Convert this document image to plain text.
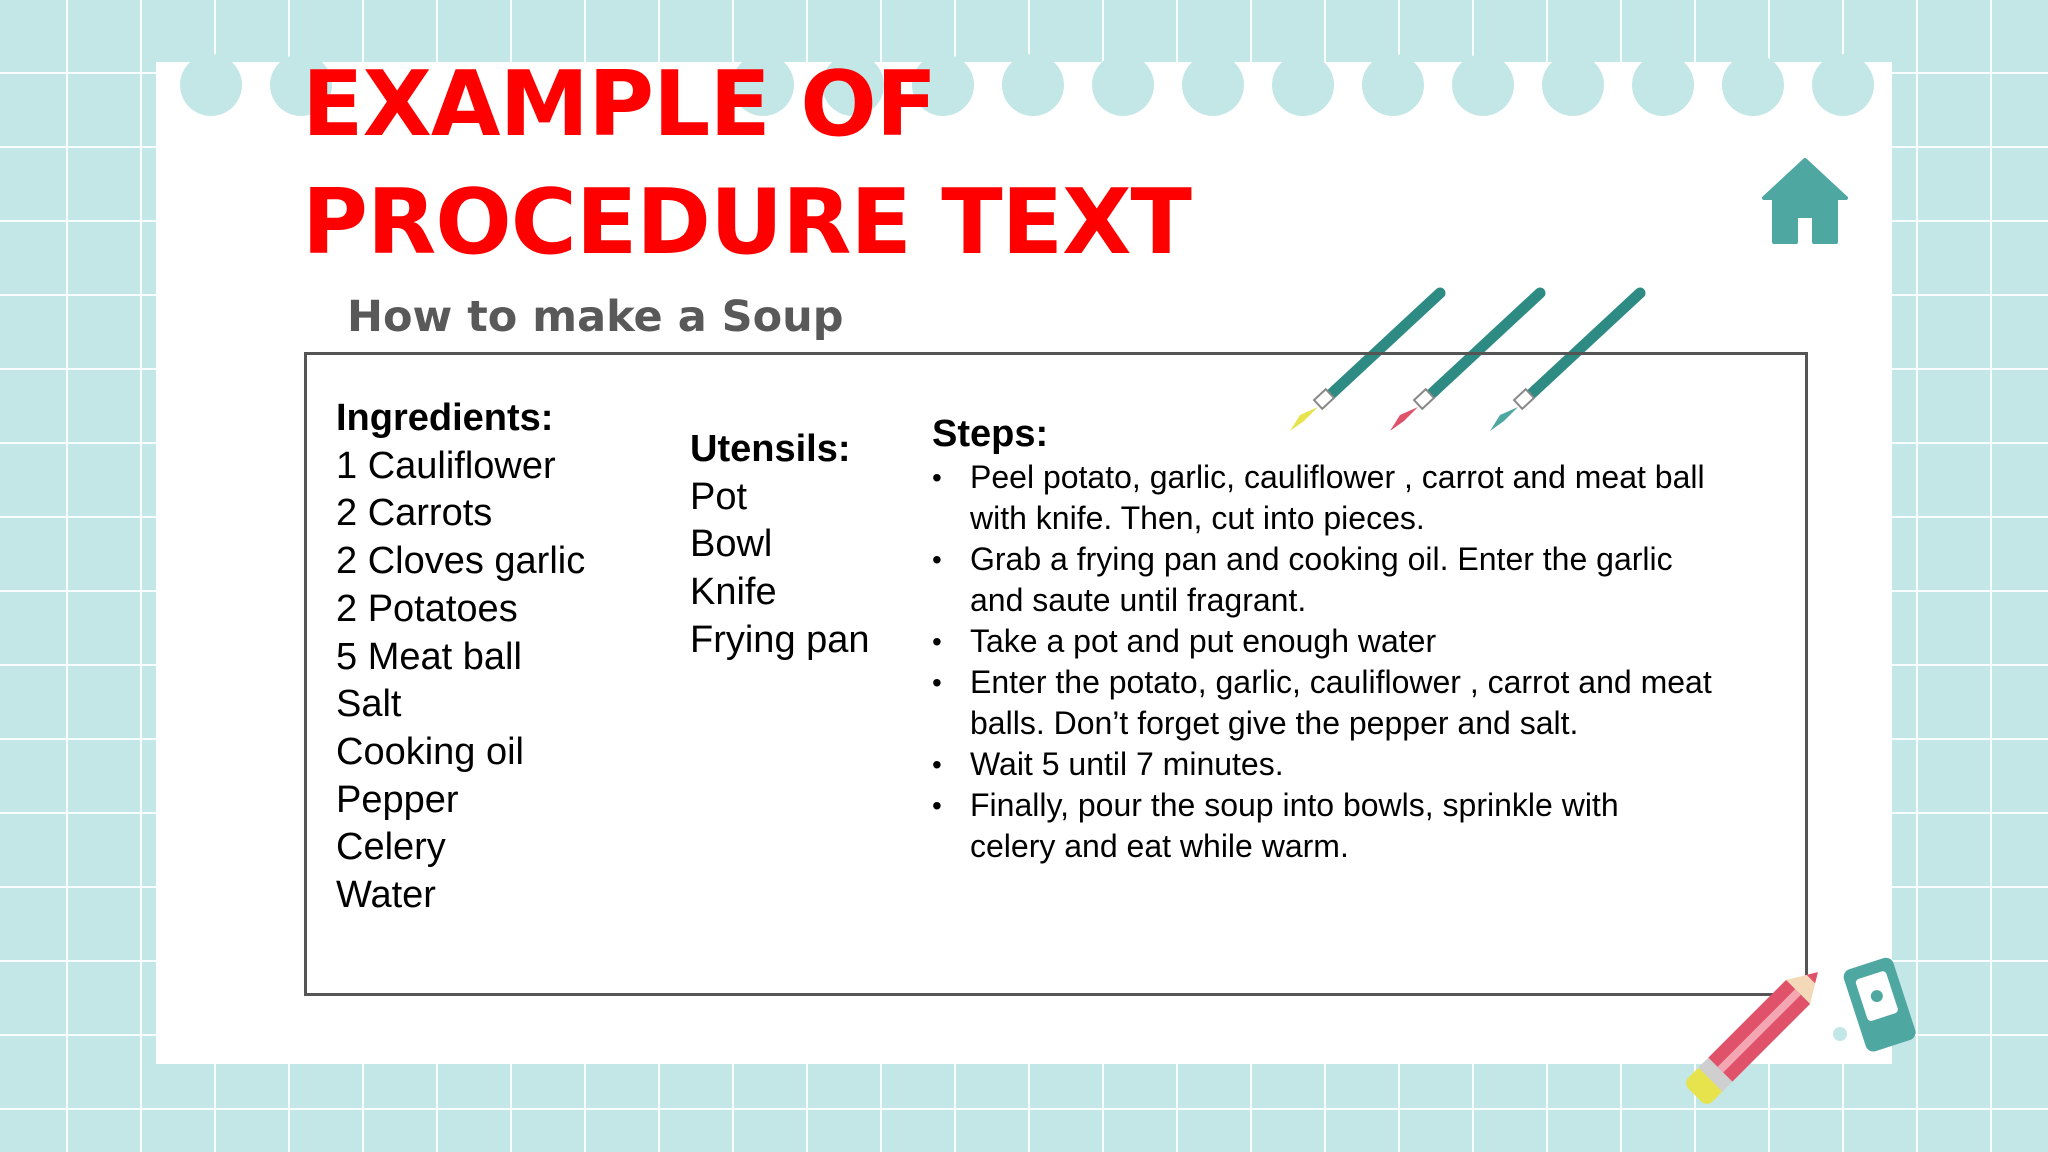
EXAMPLE OF
PROCEDURE TEXT
How to make a Soup
Ingredients:
1 Cauliflower
2 Carrots
2 Cloves garlic
2 Potatoes
5 Meat ball
Salt
Cooking oil
Pepper
Celery
Water
Utensils:
Pot
Bowl
Knife
Frying pan
Steps:
• Peel potato, garlic, cauliflower , carrot and meat ball with knife. Then, cut into pieces.
• Grab a frying pan and cooking oil. Enter the garlic and saute until fragrant.
• Take a pot and put enough water
• Enter the potato, garlic, cauliflower , carrot and meat balls. Don’t forget give the pepper and salt.
• Wait 5 until 7 minutes.
• Finally, pour the soup into bowls, sprinkle with celery and eat while warm.
